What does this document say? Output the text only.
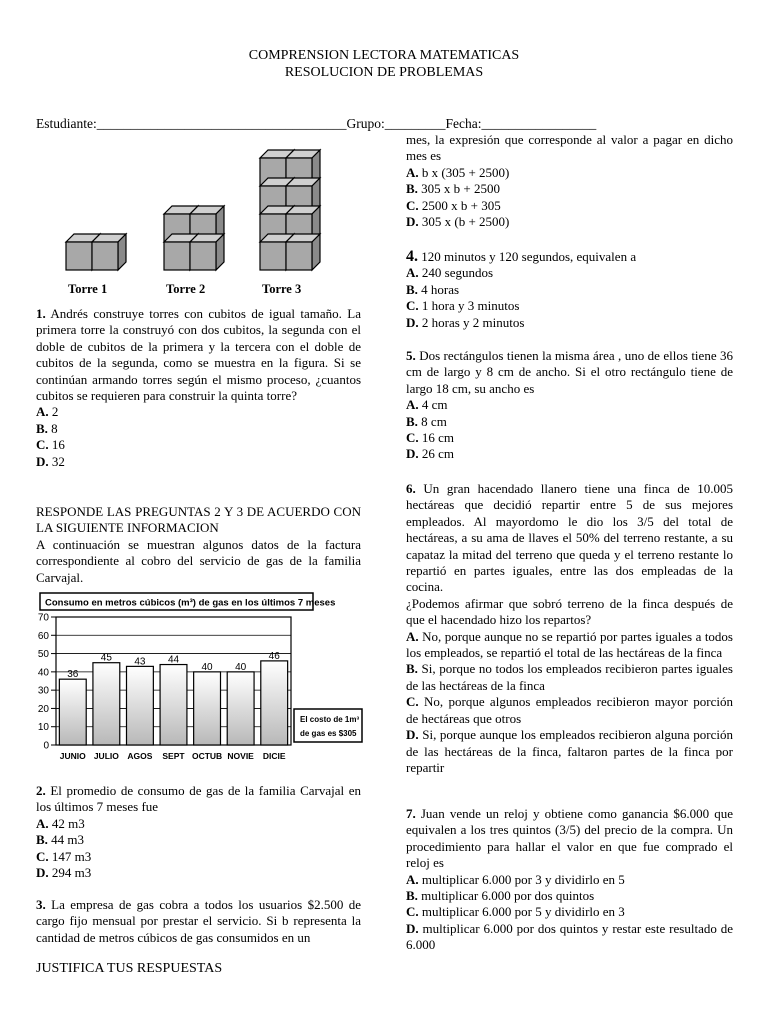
COMPRENSION LECTORA MATEMATICAS
RESOLUCION DE PROBLEMAS
Estudiante:_____________________________________Grupo:_________Fecha:_________________
Torre 1	Torre 2	Torre 3
1. Andrés construye torres con cubitos de igual tamaño. La primera torre la construyó con dos cubitos, la segunda con el doble de cubitos de la primera y la tercera con el doble de cubitos de la segunda, como se muestra en la figura. Si se continúan armando torres según el mismo proceso, ¿cuantos cubitos se requieren para construir la quinta torre?
A. 2
B. 8
C. 16
D. 32
RESPONDE LAS PREGUNTAS 2 Y 3 DE ACUERDO CON LA SIGUIENTE INFORMACION
A continuación se muestran algunos datos de la factura correspondiente al cobro del servicio de gas de la familia Carvajal.
Consumo en metros cúbicos (m³) de gas en los últimos 7 meses
0
10
20
30
40
50
60
70
36
45 43 44
40 40
46
JUNIO JULIO AGOS SEPT OCTUB NOVIE DICIE
El costo de 1m³
de gas es $305
2. El promedio de consumo de gas de la familia Carvajal en los últimos 7 meses fue
A. 42 m3
B. 44 m3
C. 147 m3
D. 294 m3
3. La empresa de gas cobra a todos los usuarios $2.500 de cargo fijo mensual por prestar el servicio. Si b representa la cantidad de metros cúbicos de gas consumidos en un
JUSTIFICA TUS RESPUESTAS
mes, la expresión que corresponde al valor a pagar en dicho mes es
A. b x (305 + 2500)
B. 305 x b + 2500
C. 2500 x b + 305
D. 305 x (b + 2500)
4. 120 minutos y 120 segundos, equivalen a
A. 240 segundos
B. 4 horas
C. 1 hora y 3 minutos
D. 2 horas y 2 minutos
5. Dos rectángulos tienen la misma área , uno de ellos tiene 36 cm de largo y 8 cm de ancho. Si el otro rectángulo tiene de largo 18 cm, su ancho es
A. 4 cm
B. 8 cm
C. 16 cm
D. 26 cm
6. Un gran hacendado llanero tiene una finca de 10.005 hectáreas que decidió repartir entre 5 de sus mejores empleados. Al mayordomo le dio los 3/5 del total de hectáreas, a su ama de llaves el 50% del terreno restante, a su capataz la mitad del terreno que queda y el terreno restante lo repartió en partes iguales, entre las dos empleadas de la cocina.
¿Podemos afirmar que sobró terreno de la finca después de que el hacendado hizo los repartos?
A. No, porque aunque no se repartió por partes iguales a todos los empleados, se repartió el total de las hectáreas de la finca
B. Si, porque no todos los empleados recibieron partes iguales de las hectáreas de la finca
C. No, porque algunos empleados recibieron mayor porción de hectáreas que otros
D. Si, porque aunque los empleados recibieron alguna porción de las hectáreas de la finca, faltaron partes de la finca por repartir
7. Juan vende un reloj y obtiene como ganancia $6.000 que equivalen a los tres quintos (3/5) del precio de la compra. Un procedimiento para hallar el valor en que fue comprado el reloj es
A. multiplicar 6.000 por 3 y dividirlo en 5
B. multiplicar 6.000 por dos quintos
C. multiplicar 6.000 por 5 y dividirlo en 3
D. multiplicar 6.000 por dos quintos y restar este resultado de 6.000
